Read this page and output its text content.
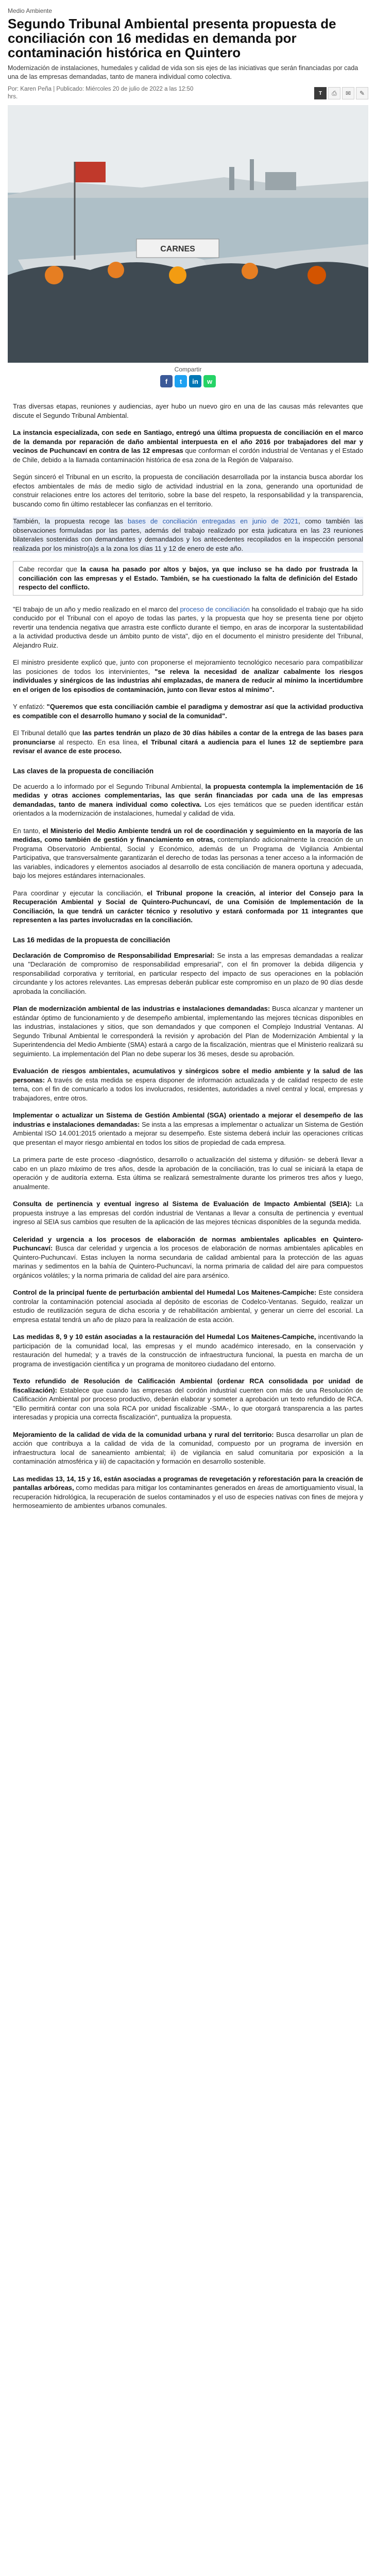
Medio Ambiente
Segundo Tribunal Ambiental presenta propuesta de conciliación con 16 medidas en demanda por contaminación histórica en Quintero
Modernización de instalaciones, humedales y calidad de vida son sis ejes de las iniciativas que serán financiadas por cada una de las empresas demandadas, tanto de manera individual como colectiva.
Por: Karen Peña | Publicado: Miércoles 20 de julio de 2022 a las 12:50
hrs.
T	⎙	✉	✎
CARNES
Compartir
f	t	in	w

Tras diversas etapas, reuniones y audiencias, ayer hubo un nuevo giro en una de las causas más relevantes que discute el Segundo Tribunal Ambiental.

La instancia especializada, con sede en Santiago, entregó una última propuesta de conciliación en el marco de la demanda por reparación de daño ambiental interpuesta en el año 2016 por trabajadores del mar y vecinos de Puchuncaví en contra de las 12 empresas que conforman el cordón industrial de Ventanas y el Estado de Chile, debido a la llamada contaminación histórica de esa zona de la Región de Valparaíso.

Según sinceró el Tribunal en un escrito, la propuesta de conciliación desarrollada por la instancia busca abordar los efectos ambientales de más de medio siglo de actividad industrial en la zona, generando una oportunidad de construir relaciones entre los actores del territorio, sobre la base del respeto, la responsabilidad y la transparencia, buscando como fin último restablecer las confianzas en el territorio.

También, la propuesta recoge las bases de conciliación entregadas en junio de 2021, como también las observaciones formuladas por las partes, además del trabajo realizado por esta judicatura en las 23 reuniones bilaterales sostenidas con demandantes y demandados y los antecedentes recopilados en la inspección personal realizada por los ministro(a)s a la zona los días 11 y 12 de enero de este año.

Cabe recordar que la causa ha pasado por altos y bajos, ya que incluso se ha dado por frustrada la conciliación con las empresas y el Estado. También, se ha cuestionado la falta de definición del Estado respecto del conflicto.

"El trabajo de un año y medio realizado en el marco del proceso de conciliación ha consolidado el trabajo que ha sido conducido por el Tribunal con el apoyo de todas las partes, y la propuesta que hoy se presenta tiene por objeto revertir una tendencia negativa que arrastra este conflicto durante el tiempo, en aras de incorporar la sustentabilidad a la actividad productiva desde un ámbito punto de vista", dijo en el documento el ministro presidente del Tribunal, Alejandro Ruiz.

El ministro presidente explicó que, junto con proponerse el mejoramiento tecnológico necesario para compatibilizar las posiciones de todos los intervinientes, "se releva la necesidad de analizar cabalmente los riesgos individuales y sinérgicos de las industrias ahí emplazadas, de manera de reducir al mínimo la incertidumbre en el origen de los episodios de contaminación, junto con llevar estos al mínimo".

Y enfatizó: "Queremos que esta conciliación cambie el paradigma y demostrar así que la actividad productiva es compatible con el desarrollo humano y social de la comunidad".

El Tribunal detalló que las partes tendrán un plazo de 30 días hábiles a contar de la entrega de las bases para pronunciarse al respecto. En esa línea, el Tribunal citará a audiencia para el lunes 12 de septiembre para revisar el avance de este proceso.

Las claves de la propuesta de conciliación

De acuerdo a lo informado por el Segundo Tribunal Ambiental, la propuesta contempla la implementación de 16 medidas y otras acciones complementarias, las que serán financiadas por cada una de las empresas demandadas, tanto de manera individual como colectiva. Los ejes temáticos que se pueden identificar están orientados a la modernización de instalaciones, humedal y calidad de vida.

En tanto, el Ministerio del Medio Ambiente tendrá un rol de coordinación y seguimiento en la mayoría de las medidas, como también de gestión y financiamiento en otras, contemplando adicionalmente la creación de un Programa Observatorio Ambiental, Social y Económico, además de un Programa de Vigilancia Ambiental Participativa, que transversalmente garantizarán el derecho de todas las personas a tener acceso a la información de las variables, indicadores y elementos asociados al desarrollo de esta conciliación de manera oportuna y adecuada, bajo los mejores estándares internacionales.

Para coordinar y ejecutar la conciliación, el Tribunal propone la creación, al interior del Consejo para la Recuperación Ambiental y Social de Quintero-Puchuncaví, de una Comisión de Implementación de la Conciliación, la que tendrá un carácter técnico y resolutivo y estará conformada por 11 integrantes que representen a las partes involucradas en la conciliación.

Las 16 medidas de la propuesta de conciliación

Declaración de Compromiso de Responsabilidad Empresarial: Se insta a las empresas demandadas a realizar una "Declaración de compromiso de responsabilidad empresarial", con el fin promover la debida diligencia y responsabilidad corporativa y territorial, en particular respecto del impacto de sus operaciones en la población circundante y los actores relevantes. Las empresas deberán publicar este compromiso en un plazo de 90 días desde aprobada la conciliación.

Plan de modernización ambiental de las industrias e instalaciones demandadas: Busca alcanzar y mantener un estándar óptimo de funcionamiento y de desempeño ambiental, implementando las mejores técnicas disponibles en las industrias, instalaciones y sitios, que son demandados y que componen el Complejo Industrial Ventanas. Al Segundo Tribunal Ambiental le corresponderá la revisión y aprobación del Plan de Modernización Ambiental y la Superintendencia del Medio Ambiente (SMA) estará a cargo de la fiscalización, mientras que el Ministerio realizará su seguimiento. La implementación del Plan no debe superar los 36 meses, desde su aprobación.

Evaluación de riesgos ambientales, acumulativos y sinérgicos sobre el medio ambiente y la salud de las personas: A través de esta medida se espera disponer de información actualizada y de calidad respecto de este tema, con el fin de comunicarlo a todos los involucrados, residentes, autoridades a nivel central y local, empresas y trabajadores, entre otros.

Implementar o actualizar un Sistema de Gestión Ambiental (SGA) orientado a mejorar el desempeño de las industrias e instalaciones demandadas: Se insta a las empresas a implementar o actualizar un Sistema de Gestión Ambiental ISO 14.001:2015 orientado a mejorar su desempeño. Este sistema deberá incluir las operaciones críticas que presentan el mayor riesgo ambiental en todos los sitios de propiedad de cada empresa.

La primera parte de este proceso -diagnóstico, desarrollo o actualización del sistema y difusión- se deberá llevar a cabo en un plazo máximo de tres años, desde la aprobación de la conciliación, tras lo cual se iniciará la etapa de operación y de auditoría externa. Esta última se realizará semestralmente durante los primeros tres años y luego, anualmente.

Consulta de pertinencia y eventual ingreso al Sistema de Evaluación de Impacto Ambiental (SEIA): La propuesta instruye a las empresas del cordón industrial de Ventanas a llevar a consulta de pertinencia y eventual ingreso al SEIA sus cambios que resulten de la aplicación de las mejores técnicas disponibles de la segunda medida.

Celeridad y urgencia a los procesos de elaboración de normas ambientales aplicables en Quintero-Puchuncaví: Busca dar celeridad y urgencia a los procesos de elaboración de normas ambientales aplicables en Quintero-Puchuncaví. Estas incluyen la norma secundaria de calidad ambiental para la protección de las aguas marinas y sedimentos en la bahía de Quintero-Puchuncaví, la norma primaria de calidad del aire para compuestos orgánicos volátiles; y la norma primaria de calidad del aire para arsénico.

Control de la principal fuente de perturbación ambiental del Humedal Los Maitenes-Campiche: Este considera controlar la contaminación potencial asociada al depósito de escorias de Codelco-Ventanas. Seguido, realizar un estudio de reutilización segura de dicha escoria y de rehabilitación ambiental, y generar un cierre del escorial. La empresa estatal tendrá un año de plazo para la realización de esta acción.

Las medidas 8, 9 y 10 están asociadas a la restauración del Humedal Los Maitenes-Campiche, incentivando la participación de la comunidad local, las empresas y el mundo académico interesado, en la conservación y restauración del humedal; y a través de la construcción de infraestructura funcional, la puesta en marcha de un programa de investigación científica y un programa de monitoreo ciudadano del entorno.

Texto refundido de Resolución de Calificación Ambiental (ordenar RCA consolidada por unidad de fiscalización): Establece que cuando las empresas del cordón industrial cuenten con más de una Resolución de Calificación Ambiental por proceso productivo, deberán elaborar y someter a aprobación un texto refundido de RCA. "Ello permitirá contar con una sola RCA por unidad fiscalizable -SMA-, lo que otorgará transparencia a las partes interesadas y propicia una correcta fiscalización", puntualiza la propuesta.

Mejoramiento de la calidad de vida de la comunidad urbana y rural del territorio: Busca desarrollar un plan de acción que contribuya a la calidad de vida de la comunidad, compuesto por un programa de inversión en infraestructura local de saneamiento ambiental; ii) de vigilancia en salud comunitaria por exposición a la contaminación atmosférica y iii) de capacitación y formación en desarrollo sostenible.

Las medidas 13, 14, 15 y 16, están asociadas a programas de revegetación y reforestación para la creación de pantallas arbóreas, como medidas para mitigar los contaminantes generados en áreas de amortiguamiento visual, la recuperación hidrológica, la recuperación de suelos contaminados y el uso de especies nativas con fines de mejora y hermoseamiento de ambientes urbanos comunales.
